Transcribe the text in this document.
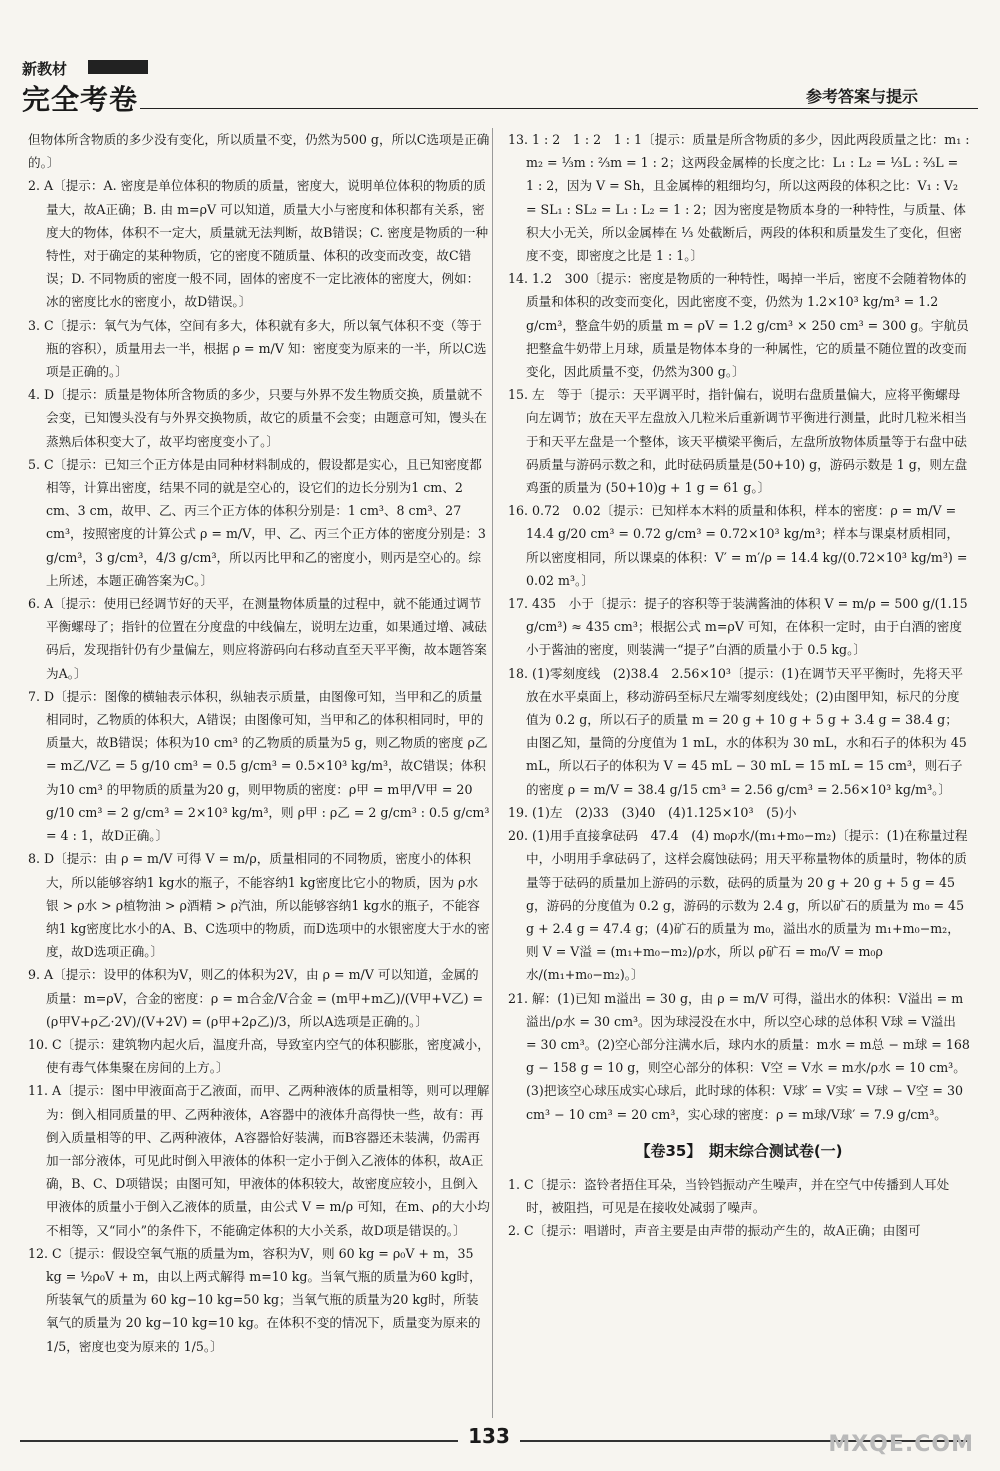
新教材
完全考卷	参考答案与提示

但物体所含物质的多少没有变化，所以质量不变，仍然为500 g，所以C选项是正确的。〕

2. A〔提示：A. 密度是单位体积的物质的质量，密度大，说明单位体积的物质的质量大，故A正确；B. 由 m=ρV 可以知道，质量大小与密度和体积都有关系，密度大的物体，体积不一定大，质量就无法判断，故B错误；C. 密度是物质的一种特性，对于确定的某种物质，它的密度不随质量、体积的改变而改变，故C错误；D. 不同物质的密度一般不同，固体的密度不一定比液体的密度大，例如：冰的密度比水的密度小，故D错误。〕

3. C〔提示：氧气为气体，空间有多大，体积就有多大，所以氧气体积不变（等于瓶的容积），质量用去一半，根据 ρ = m/V 知：密度变为原来的一半，所以C选项是正确的。〕

4. D〔提示：质量是物体所含物质的多少，只要与外界不发生物质交换，质量就不会变，已知馒头没有与外界交换物质，故它的质量不会变；由题意可知，馒头在蒸熟后体积变大了，故平均密度变小了。〕

5. C〔提示：已知三个正方体是由同种材料制成的，假设都是实心，且已知密度都相等，计算出密度，结果不同的就是空心的，设它们的边长分别为1 cm、2 cm、3 cm，故甲、乙、丙三个正方体的体积分别是：1 cm³、8 cm³、27 cm³，按照密度的计算公式 ρ = m/V，甲、乙、丙三个正方体的密度分别是：3 g/cm³，3 g/cm³，4/3 g/cm³，所以丙比甲和乙的密度小，则丙是空心的。综上所述，本题正确答案为C。〕

6. A〔提示：使用已经调节好的天平，在测量物体质量的过程中，就不能通过调节平衡螺母了；指针的位置在分度盘的中线偏左，说明左边重，如果通过增、减砝码后，发现指针仍有少量偏左，则应将游码向右移动直至天平平衡，故本题答案为A。〕

7. D〔提示：图像的横轴表示体积，纵轴表示质量，由图像可知，当甲和乙的质量相同时，乙物质的体积大，A错误；由图像可知，当甲和乙的体积相同时，甲的质量大，故B错误；体积为10 cm³ 的乙物质的质量为5 g，则乙物质的密度 ρ乙 = m乙/V乙 = 5 g/10 cm³ = 0.5 g/cm³ = 0.5×10³ kg/m³，故C错误；体积为10 cm³ 的甲物质的质量为20 g，则甲物质的密度：ρ甲 = m甲/V甲 = 20 g/10 cm³ = 2 g/cm³ = 2×10³ kg/m³，则 ρ甲 : ρ乙 = 2 g/cm³ : 0.5 g/cm³ = 4 : 1，故D正确。〕

8. D〔提示：由 ρ = m/V 可得 V = m/ρ，质量相同的不同物质，密度小的体积大，所以能够容纳1 kg水的瓶子，不能容纳1 kg密度比它小的物质，因为 ρ水银 > ρ水 > ρ植物油 > ρ酒精 > ρ汽油，所以能够容纳1 kg水的瓶子，不能容纳1 kg密度比水小的A、B、C选项中的物质，而D选项中的水银密度大于水的密度，故D选项正确。〕

9. A〔提示：设甲的体积为V，则乙的体积为2V，由 ρ = m/V 可以知道，金属的质量：m=ρV，合金的密度：ρ = m合金/V合金 = (m甲+m乙)/(V甲+V乙) = (ρ甲V+ρ乙·2V)/(V+2V) = (ρ甲+2ρ乙)/3，所以A选项是正确的。〕

10. C〔提示：建筑物内起火后，温度升高，导致室内空气的体积膨胀，密度减小，使有毒气体集聚在房间的上方。〕

11. A〔提示：图中甲液面高于乙液面，而甲、乙两种液体的质量相等，则可以理解为：倒入相同质量的甲、乙两种液体，A容器中的液体升高得快一些，故有：再倒入质量相等的甲、乙两种液体，A容器恰好装满，而B容器还未装满，仍需再加一部分液体，可见此时倒入甲液体的体积一定小于倒入乙液体的体积，故A正确，B、C、D项错误；由图可知，甲液体的体积较大，故密度应较小，且倒入甲液体的质量小于倒入乙液体的质量，由公式 V = m/ρ 可知，在m、ρ的大小均不相等，又“同小”的条件下，不能确定体积的大小关系，故D项是错误的。〕

12. C〔提示：假设空氧气瓶的质量为m，容积为V，则 60 kg = ρ₀V + m，35 kg = ½ρ₀V + m，由以上两式解得 m=10 kg。当氧气瓶的质量为60 kg时，所装氧气的质量为 60 kg−10 kg=50 kg；当氧气瓶的质量为20 kg时，所装氧气的质量为 20 kg−10 kg=10 kg。在体积不变的情况下，质量变为原来的 1/5，密度也变为原来的 1/5。〕

13. 1 : 2　1 : 2　1 : 1〔提示：质量是所含物质的多少，因此两段质量之比：m₁ : m₂ = ⅓m : ⅔m = 1 : 2；这两段金属棒的长度之比：L₁ : L₂ = ⅓L : ⅔L = 1 : 2，因为 V = Sh，且金属棒的粗细均匀，所以这两段的体积之比：V₁ : V₂ = SL₁ : SL₂ = L₁ : L₂ = 1 : 2；因为密度是物质本身的一种特性，与质量、体积大小无关，所以金属棒在 ⅓ 处截断后，两段的体积和质量发生了变化，但密度不变，即密度之比是 1 : 1。〕

14. 1.2　300〔提示：密度是物质的一种特性，喝掉一半后，密度不会随着物体的质量和体积的改变而变化，因此密度不变，仍然为 1.2×10³ kg/m³ = 1.2 g/cm³，整盒牛奶的质量 m = ρV = 1.2 g/cm³ × 250 cm³ = 300 g。宇航员把整盒牛奶带上月球，质量是物体本身的一种属性，它的质量不随位置的改变而变化，因此质量不变，仍然为300 g。〕

15. 左　等于〔提示：天平调平时，指针偏右，说明右盘质量偏大，应将平衡螺母向左调节；放在天平左盘放入几粒米后重新调节平衡进行测量，此时几粒米相当于和天平左盘是一个整体，该天平横梁平衡后，左盘所放物体质量等于右盘中砝码质量与游码示数之和，此时砝码质量是(50+10) g，游码示数是 1 g，则左盘鸡蛋的质量为 (50+10)g + 1 g = 61 g。〕

16. 0.72　0.02〔提示：已知样本木料的质量和体积，样本的密度：ρ = m/V = 14.4 g/20 cm³ = 0.72 g/cm³ = 0.72×10³ kg/m³；样本与课桌材质相同，所以密度相同，所以课桌的体积：V′ = m′/ρ = 14.4 kg/(0.72×10³ kg/m³) = 0.02 m³。〕

17. 435　小于〔提示：提子的容积等于装满酱油的体积 V = m/ρ = 500 g/(1.15 g/cm³) ≈ 435 cm³；根据公式 m=ρV 可知，在体积一定时，由于白酒的密度小于酱油的密度，则装满一“提子”白酒的质量小于 0.5 kg。〕

18. (1)零刻度线　(2)38.4　2.56×10³〔提示：(1)在调节天平平衡时，先将天平放在水平桌面上，移动游码至标尺左端零刻度线处；(2)由图甲知，标尺的分度值为 0.2 g，所以石子的质量 m = 20 g + 10 g + 5 g + 3.4 g = 38.4 g；由图乙知，量筒的分度值为 1 mL，水的体积为 30 mL，水和石子的体积为 45 mL，所以石子的体积为 V = 45 mL − 30 mL = 15 mL = 15 cm³，则石子的密度 ρ = m/V = 38.4 g/15 cm³ = 2.56 g/cm³ = 2.56×10³ kg/m³。〕

19. (1)左　(2)33　(3)40　(4)1.125×10³　(5)小

20. (1)用手直接拿砝码　47.4　(4) m₀ρ水/(m₁+m₀−m₂)〔提示：(1)在称量过程中，小明用手拿砝码了，这样会腐蚀砝码；用天平称量物体的质量时，物体的质量等于砝码的质量加上游码的示数，砝码的质量为 20 g + 20 g + 5 g = 45 g，游码的分度值为 0.2 g，游码的示数为 2.4 g，所以矿石的质量为 m₀ = 45 g + 2.4 g = 47.4 g；(4)矿石的质量为 m₀，溢出水的质量为 m₁+m₀−m₂，则 V = V溢 = (m₁+m₀−m₂)/ρ水，所以 ρ矿石 = m₀/V = m₀ρ水/(m₁+m₀−m₂)。〕

21. 解：(1)已知 m溢出 = 30 g，由 ρ = m/V 可得，溢出水的体积：V溢出 = m溢出/ρ水 = 30 cm³。因为球浸没在水中，所以空心球的总体积 V球 = V溢出 = 30 cm³。(2)空心部分注满水后，球内水的质量：m水 = m总 − m球 = 168 g − 158 g = 10 g，则空心部分的体积：V空 = V水 = m水/ρ水 = 10 cm³。(3)把该空心球压成实心球后，此时球的体积：V球′ = V实 = V球 − V空 = 30 cm³ − 10 cm³ = 20 cm³，实心球的密度：ρ = m球/V球′ = 7.9 g/cm³。

【卷35】　期末综合测试卷(一)

1. C〔提示：盗铃者捂住耳朵，当铃铛振动产生噪声，并在空气中传播到人耳处时，被阻挡，可见是在接收处减弱了噪声。

2. C〔提示：唱谱时，声音主要是由声带的振动产生的，故A正确；由图可

133	MXQE.COM
